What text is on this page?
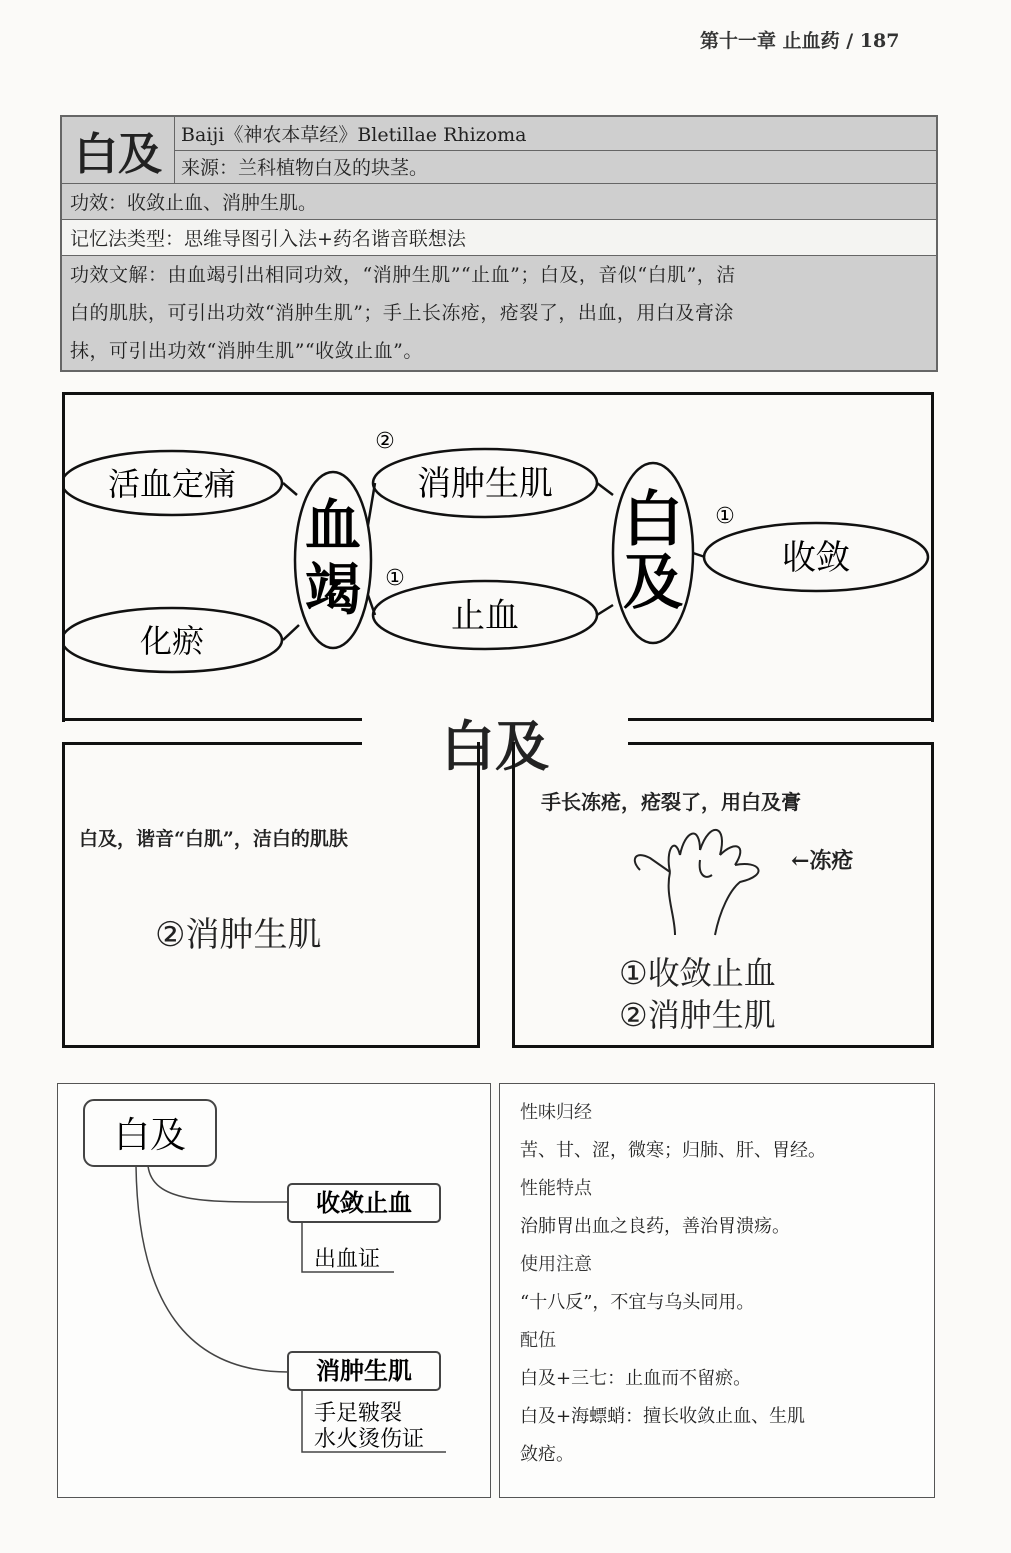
第十一章 止血药 / 187
白及	Baiji《神农本草经》Bletillae Rhizoma
来源：兰科植物白及的块茎。
功效：收敛止血、消肿生肌。
记忆法类型：思维导图引入法+药名谐音联想法
功效文解：由血竭引出相同功效，“消肿生肌”“止血”；白及，音似“白肌”，洁
白的肌肤，可引出功效“消肿生肌”；手上长冻疮，疮裂了，出血，用白及膏涂
抹，可引出功效“消肿生肌”“收敛止血”。
活血定痛
化瘀
血
竭
消肿生肌
止血
白
及	收敛
②
①
①
白及
白及，谐音“白肌”，洁白的肌肤
②消肿生肌
手长冻疮，疮裂了，用白及膏
←冻疮
①收敛止血
②消肿生肌
白及
收敛止血
出血证
消肿生肌
手足皲裂
水火烫伤证
性味归经
苦、甘、涩，微寒；归肺、肝、胃经。
性能特点
治肺胃出血之良药，善治胃溃疡。
使用注意
“十八反”，不宜与乌头同用。
配伍
白及+三七：止血而不留瘀。
白及+海螵蛸：擅长收敛止血、生肌
敛疮。
